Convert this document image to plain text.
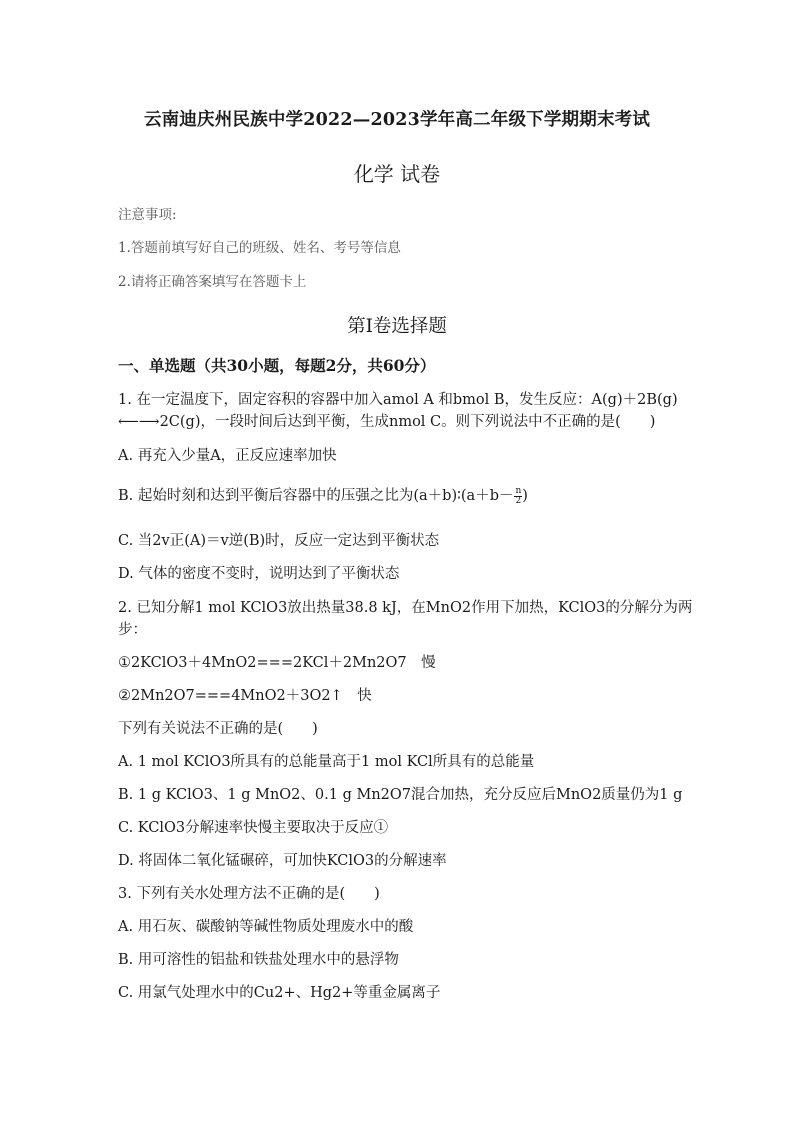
云南迪庆州民族中学2022—2023学年高二年级下学期期末考试
化学 试卷
注意事项:
1.答题前填写好自己的班级、姓名、考号等信息
2.请将正确答案填写在答题卡上
第Ⅰ卷选择题
一、单选题（共30小题，每题2分，共60分）
1. 在一定温度下，固定容积的容器中加入amol A 和bmol B，发生反应：A(g)＋2B(g)
⟵⟶2C(g)，一段时间后达到平衡，生成nmol C。则下列说法中不正确的是(　　)
A. 再充入少量A，正反应速率加快
B. 起始时刻和达到平衡后容器中的压强之比为(a＋b)∶(a＋b－ $\frac{n}{2}$ )
C. 当2v正(A)＝v逆(B)时，反应一定达到平衡状态
D. 气体的密度不变时，说明达到了平衡状态
2. 已知分解1 mol KClO3放出热量38.8 kJ，在MnO2作用下加热，KClO3的分解分为两
步：
①2KClO3＋4MnO2===2KCl＋2Mn2O7　慢
②2Mn2O7===4MnO2＋3O2↑　快
下列有关说法不正确的是(　　)
A. 1 mol KClO3所具有的总能量高于1 mol KCl所具有的总能量
B. 1 g KClO3、1 g MnO2、0.1 g Mn2O7混合加热，充分反应后MnO2质量仍为1 g
C. KClO3分解速率快慢主要取决于反应①
D. 将固体二氧化锰碾碎，可加快KClO3的分解速率
3. 下列有关水处理方法不正确的是(　　)
A. 用石灰、碳酸钠等碱性物质处理废水中的酸
B. 用可溶性的铝盐和铁盐处理水中的悬浮物
C. 用氯气处理水中的Cu2+、Hg2+等重金属离子
